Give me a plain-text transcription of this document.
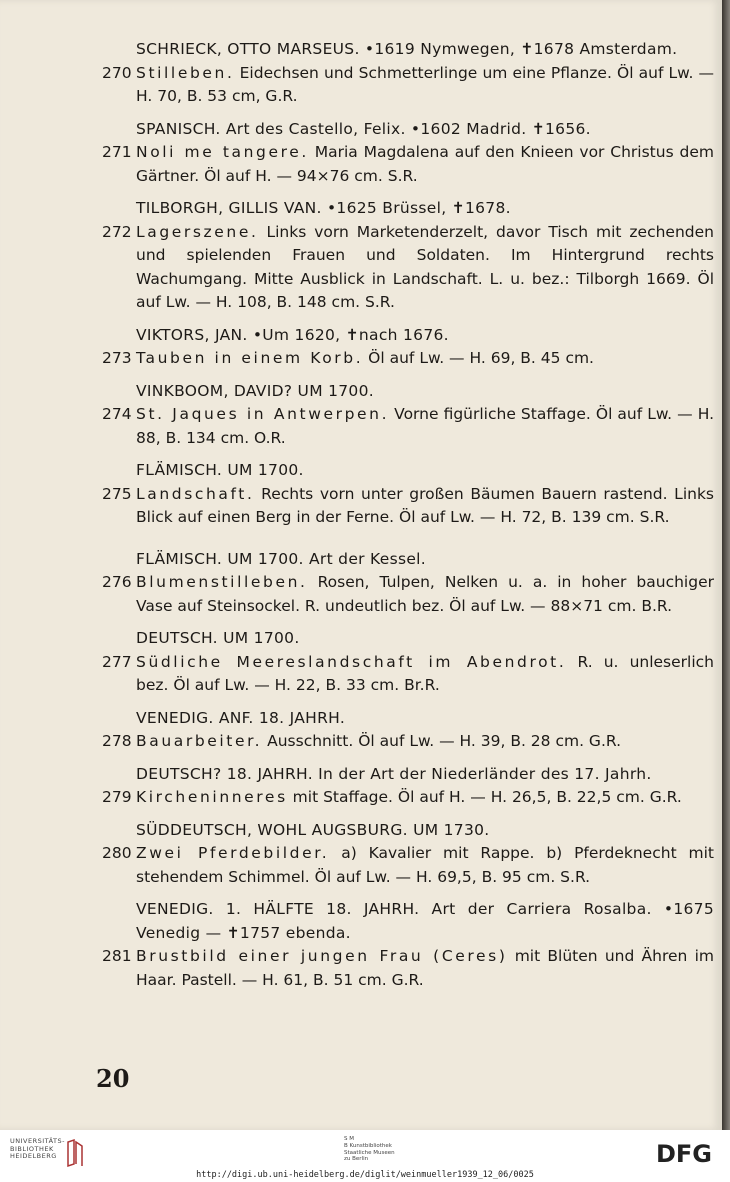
SCHRIECK, OTTO MARSEUS. •1619 Nymwegen, ✝1678 Amsterdam.
270 Stilleben. Eidechsen und Schmetterlinge um eine Pflanze. Öl auf Lw. — H. 70, B. 53 cm, G.R.
SPANISCH. Art des Castello, Felix. •1602 Madrid. ✝1656.
271 Noli me tangere. Maria Magdalena auf den Knieen vor Christus dem Gärtner. Öl auf H. — 94×76 cm. S.R.
TILBORGH, GILLIS VAN. •1625 Brüssel, ✝1678.
272 Lagerszene. Links vorn Marketenderzelt, davor Tisch mit zechenden und spielenden Frauen und Soldaten. Im Hintergrund rechts Wachumgang. Mitte Ausblick in Landschaft. L. u. bez.: Tilborgh 1669. Öl auf Lw. — H. 108, B. 148 cm. S.R.
VIKTORS, JAN. •Um 1620, ✝nach 1676.
273 Tauben in einem Korb. Öl auf Lw. — H. 69, B. 45 cm.
VINKBOOM, DAVID? UM 1700.
274 St. Jaques in Antwerpen. Vorne figürliche Staffage. Öl auf Lw. — H. 88, B. 134 cm. O.R.
FLÄMISCH. UM 1700.
275 Landschaft. Rechts vorn unter großen Bäumen Bauern rastend. Links Blick auf einen Berg in der Ferne. Öl auf Lw. — H. 72, B. 139 cm. S.R.
FLÄMISCH. UM 1700. Art der Kessel.
276 Blumenstilleben. Rosen, Tulpen, Nelken u. a. in hoher bauchiger Vase auf Steinsockel. R. undeutlich bez. Öl auf Lw. — 88×71 cm. B.R.
DEUTSCH. UM 1700.
277 Südliche Meereslandschaft im Abendrot. R. u. unleserlich bez. Öl auf Lw. — H. 22, B. 33 cm. Br.R.
VENEDIG. ANF. 18. JAHRH.
278 Bauarbeiter. Ausschnitt. Öl auf Lw. — H. 39, B. 28 cm. G.R.
DEUTSCH? 18. JAHRH. In der Art der Niederländer des 17. Jahrh.
279 Kircheninneres mit Staffage. Öl auf H. — H. 26,5, B. 22,5 cm. G.R.
SÜDDEUTSCH, WOHL AUGSBURG. UM 1730.
280 Zwei Pferdebilder. a) Kavalier mit Rappe. b) Pferdeknecht mit stehendem Schimmel. Öl auf Lw. — H. 69,5, B. 95 cm. S.R.
VENEDIG. 1. HÄLFTE 18. JAHRH. Art der Carriera Rosalba. •1675 Venedig — ✝1757 ebenda.
281 Brustbild einer jungen Frau (Ceres) mit Blüten und Ähren im Haar. Pastell. — H. 61, B. 51 cm. G.R.
20
UNIVERSITÄTS-
BIBLIOTHEK
HEIDELBERG
S M
B Kunstbibliothek
Staatliche Museen
zu Berlin	DFG
http://digi.ub.uni-heidelberg.de/diglit/weinmueller1939_12_06/0025
